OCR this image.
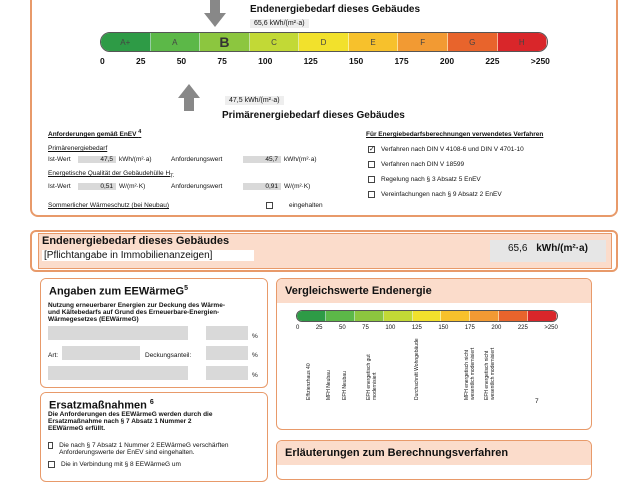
Endenergiebedarf dieses Gebäudes
65,6 kWh/(m²·a)
A+	A	B	C	D	E	F	G	H
0	25	50	75	100	125	150	175	200	225	>250
47,5 kWh/(m²·a)
Primärenergiebedarf dieses Gebäudes
Anforderungen gemäß EnEV $^4$
Primärenergiebedarf
Ist-Wert	47,5 kWh/(m²·a)	Anforderungswert	45,7 kWh/(m²·a)
Energetische Qualität der Gebäudehülle $H_T$
Ist-Wert	0,51 W/(m²·K)	Anforderungswert	0,91 W/(m²·K)
Sommerlicher Wärmeschutz (bei Neubau)	eingehalten
Für Energiebedarfsberechnungen verwendetes Verfahren
✓ Verfahren nach DIN V 4108-6 und DIN V 4701-10
Verfahren nach DIN V 18599
Regelung nach § 3 Absatz 5 EnEV
Vereinfachungen nach § 9 Absatz 2 EnEV
Endenergiebedarf dieses Gebäudes
[Pflichtangabe in Immobilienanzeigen]
65,6 kWh/(m²·a)
Angaben zum EEWärmeG$^5$
Nutzung erneuerbarer Energien zur Deckung des Wärme- und Kältebedarfs auf Grund des Erneuerbare-Energien-Wärmegesetzes (EEWärmeG)
%
Art:	Deckungsanteil:	%
%
Ersatzmaßnahmen $^6$
Die Anforderungen des EEWärmeG werden durch die Ersatzmaßnahme nach § 7 Absatz 1 Nummer 2 EEWärmeG erfüllt.
Die nach § 7 Absatz 1 Nummer 2 EEWärmeG verschärften Anforderungswerte der EnEV sind eingehalten.
Die in Verbindung mit § 8 EEWärmeG um
Vergleichswerte Endenergie
0	25	50	75	100	125	150	175	200	225	>250
Effizienzhaus 40	MFH Neubau EFH Neubau	EFH energetisch gut modernisiert	Durchschnitt Wohngebäude	MFH energetisch nicht wesentlich modernisiert EFH energetisch nicht wesentlich modernisiert
7
Erläuterungen zum Berechnungsverfahren
